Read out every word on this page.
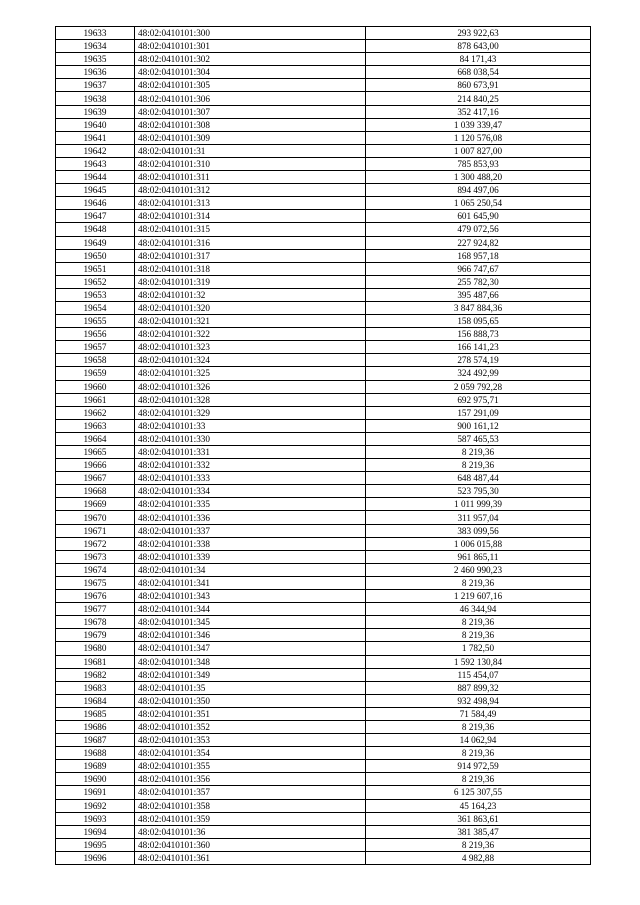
19633	48:02:0410101:300	293 922,63
19634	48:02:0410101:301	878 643,00
19635	48:02:0410101:302	84 171,43
19636	48:02:0410101:304	668 038,54
19637	48:02:0410101:305	860 673,91
19638	48:02:0410101:306	214 840,25
19639	48:02:0410101:307	352 417,16
19640	48:02:0410101:308	1 039 339,47
19641	48:02:0410101:309	1 120 576,08
19642	48:02:0410101:31	1 007 827,00
19643	48:02:0410101:310	785 853,93
19644	48:02:0410101:311	1 300 488,20
19645	48:02:0410101:312	894 497,06
19646	48:02:0410101:313	1 065 250,54
19647	48:02:0410101:314	601 645,90
19648	48:02:0410101:315	479 072,56
19649	48:02:0410101:316	227 924,82
19650	48:02:0410101:317	168 957,18
19651	48:02:0410101:318	966 747,67
19652	48:02:0410101:319	255 782,30
19653	48:02:0410101:32	395 487,66
19654	48:02:0410101:320	3 847 884,36
19655	48:02:0410101:321	158 095,65
19656	48:02:0410101:322	156 888,73
19657	48:02:0410101:323	166 141,23
19658	48:02:0410101:324	278 574,19
19659	48:02:0410101:325	324 492,99
19660	48:02:0410101:326	2 059 792,28
19661	48:02:0410101:328	692 975,71
19662	48:02:0410101:329	157 291,09
19663	48:02:0410101:33	900 161,12
19664	48:02:0410101:330	587 465,53
19665	48:02:0410101:331	8 219,36
19666	48:02:0410101:332	8 219,36
19667	48:02:0410101:333	648 487,44
19668	48:02:0410101:334	523 795,30
19669	48:02:0410101:335	1 011 999,39
19670	48:02:0410101:336	311 957,04
19671	48:02:0410101:337	383 099,56
19672	48:02:0410101:338	1 006 015,88
19673	48:02:0410101:339	961 865,11
19674	48:02:0410101:34	2 460 990,23
19675	48:02:0410101:341	8 219,36
19676	48:02:0410101:343	1 219 607,16
19677	48:02:0410101:344	46 344,94
19678	48:02:0410101:345	8 219,36
19679	48:02:0410101:346	8 219,36
19680	48:02:0410101:347	1 782,50
19681	48:02:0410101:348	1 592 130,84
19682	48:02:0410101:349	115 454,07
19683	48:02:0410101:35	887 899,32
19684	48:02:0410101:350	932 498,94
19685	48:02:0410101:351	71 584,49
19686	48:02:0410101:352	8 219,36
19687	48:02:0410101:353	14 062,94
19688	48:02:0410101:354	8 219,36
19689	48:02:0410101:355	914 972,59
19690	48:02:0410101:356	8 219,36
19691	48:02:0410101:357	6 125 307,55
19692	48:02:0410101:358	45 164,23
19693	48:02:0410101:359	361 863,61
19694	48:02:0410101:36	381 385,47
19695	48:02:0410101:360	8 219,36
19696	48:02:0410101:361	4 982,88
